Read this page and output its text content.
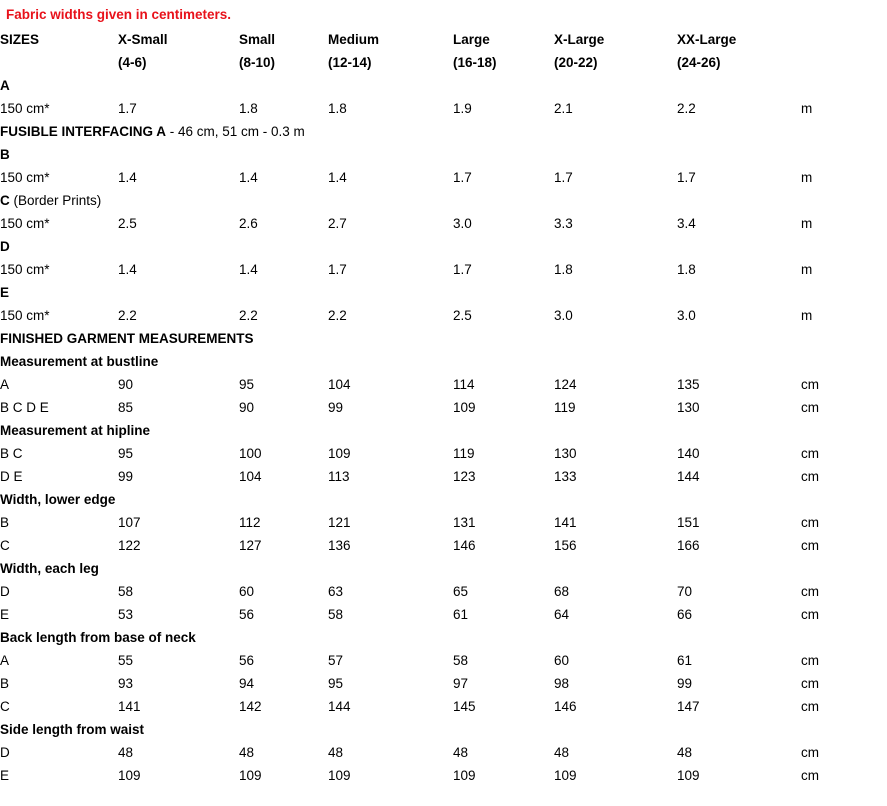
Fabric widths given in centimeters.
SIZES	X-Small	Small	Medium	Large	X-Large	XX-Large	
	(4-6)	(8-10)	(12-14)	(16-18)	(20-22)	(24-26)	
A							
150 cm*	1.7	1.8	1.8	1.9	2.1	2.2	m
FUSIBLE INTERFACING A - 46 cm, 51 cm - 0.3 m							
B							
150 cm*	1.4	1.4	1.4	1.7	1.7	1.7	m
C (Border Prints)							
150 cm*	2.5	2.6	2.7	3.0	3.3	3.4	m
D							
150 cm*	1.4	1.4	1.7	1.7	1.8	1.8	m
E							
150 cm*	2.2	2.2	2.2	2.5	3.0	3.0	m
FINISHED GARMENT MEASUREMENTS							
Measurement at bustline							
A	90	95	104	114	124	135	cm
B C D E	85	90	99	109	119	130	cm
Measurement at hipline							
B C	95	100	109	119	130	140	cm
D E	99	104	113	123	133	144	cm
Width, lower edge							
B	107	112	121	131	141	151	cm
C	122	127	136	146	156	166	cm
Width, each leg							
D	58	60	63	65	68	70	cm
E	53	56	58	61	64	66	cm
Back length from base of neck							
A	55	56	57	58	60	61	cm
B	93	94	95	97	98	99	cm
C	141	142	144	145	146	147	cm
Side length from waist							
D	48	48	48	48	48	48	cm
E	109	109	109	109	109	109	cm
